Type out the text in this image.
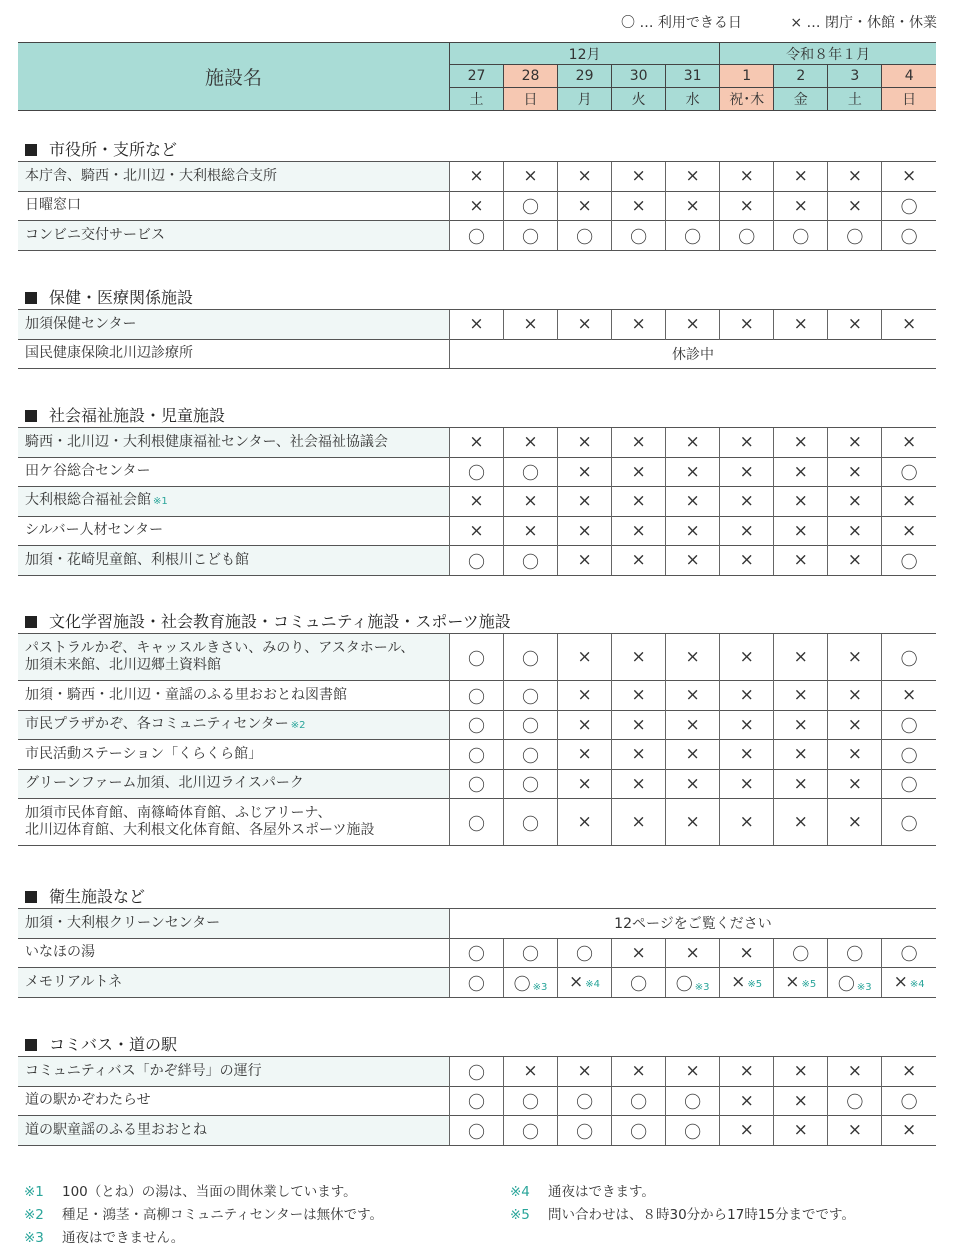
〇 … 利用できる日	× … 閉庁・休館・休業
施設名	12月					令和８年１月			
	27	28	29	30	31	1	2	3	4
	土	日	月	火	水	祝･木	金	土	日
市役所・支所など
本庁舎、騎西・北川辺・大利根総合支所	×	×	×	×	×	×	×	×	×
日曜窓口	×	〇	×	×	×	×	×	×	〇
コンビニ交付サービス	〇	〇	〇	〇	〇	〇	〇	〇	〇
保健・医療関係施設
加須保健センター	×	×	×	×	×	×	×	×	×
国民健康保険北川辺診療所	休診中								
社会福祉施設・児童施設
騎西・北川辺・大利根健康福祉センター、社会福祉協議会	×	×	×	×	×	×	×	×	×
田ケ谷総合センター	〇	〇	×	×	×	×	×	×	〇
大利根総合福祉会館 ※1	×	×	×	×	×	×	×	×	×
シルバー人材センター	×	×	×	×	×	×	×	×	×
加須・花崎児童館、利根川こども館	〇	〇	×	×	×	×	×	×	〇
文化学習施設・社会教育施設・コミュニティ施設・スポーツ施設
パストラルかぞ、キャッスルきさい、みのり、アスタホール、
加須未来館、北川辺郷土資料館	〇	〇	×	×	×	×	×	×	〇
加須・騎西・北川辺・童謡のふる里おおとね図書館	〇	〇	×	×	×	×	×	×	×
市民プラザかぞ、各コミュニティセンター ※2	〇	〇	×	×	×	×	×	×	〇
市民活動ステーション「くらくら館」	〇	〇	×	×	×	×	×	×	〇
グリーンファーム加須、北川辺ライスパーク	〇	〇	×	×	×	×	×	×	〇
加須市民体育館、南篠崎体育館、ふじアリーナ、
北川辺体育館、大利根文化体育館、各屋外スポーツ施設	〇	〇	×	×	×	×	×	×	〇
衛生施設など
加須・大利根クリーンセンター	12ページをご覧ください								
いなほの湯	〇	〇	〇	×	×	×	〇	〇	〇
メモリアルトネ	〇	〇 ※3	× ※4	〇	〇 ※3	× ※5	× ※5	〇 ※3	× ※4
コミバス・道の駅
コミュニティバス「かぞ絆号」の運行	〇	×	×	×	×	×	×	×	×
道の駅かぞわたらせ	〇	〇	〇	〇	〇	×	×	〇	〇
道の駅童謡のふる里おおとね	〇	〇	〇	〇	〇	×	×	×	×
※1 100（とね）の湯は、当面の間休業しています。
※2 種足・鴻茎・高柳コミュニティセンターは無休です。
※3 通夜はできません。
※4 通夜はできます。
※5 問い合わせは、８時30分から17時15分までです。
